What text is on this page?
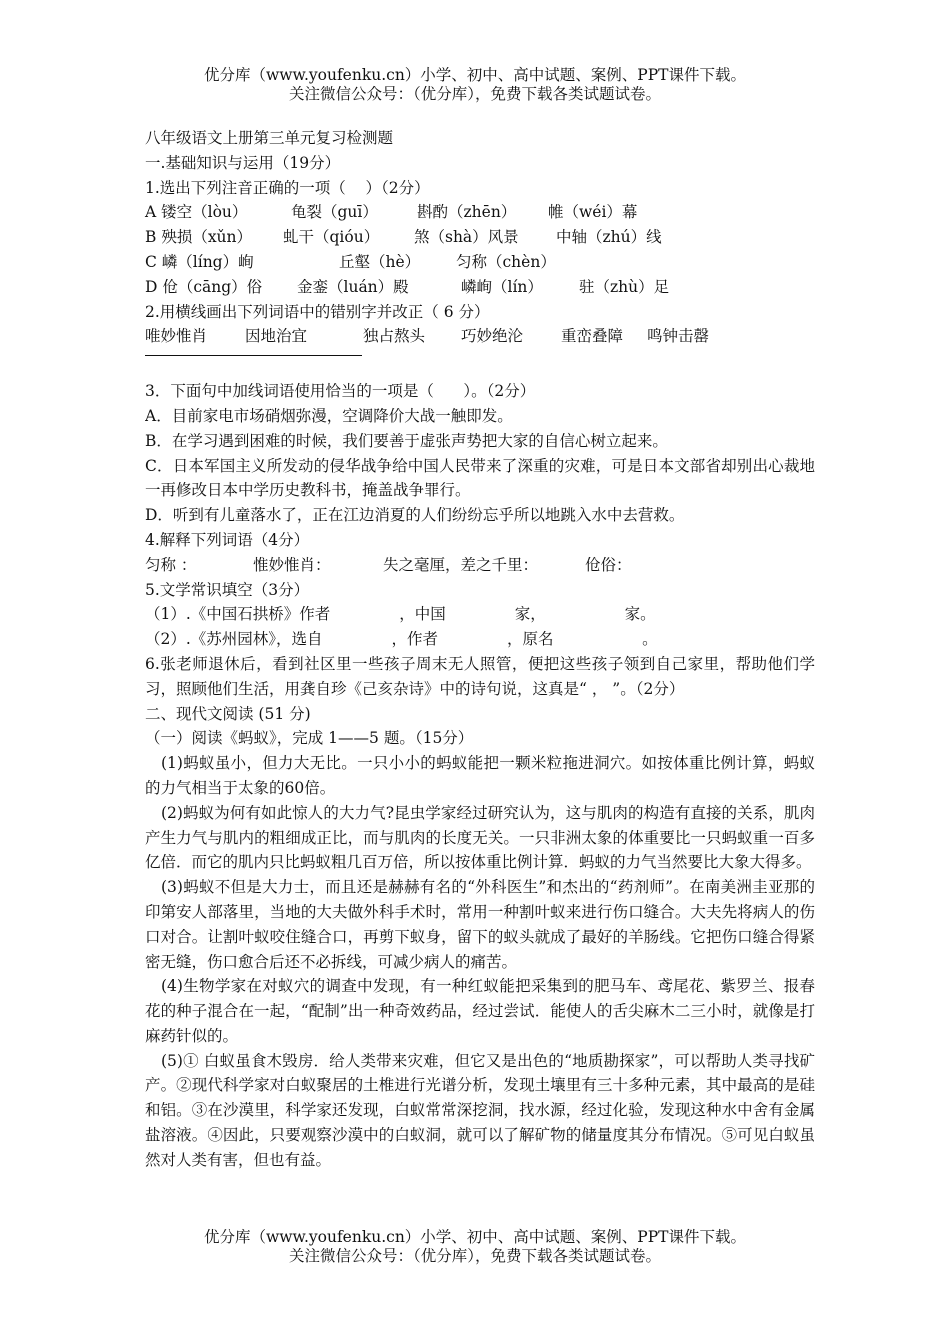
优分库（www.youfenku.cn）小学、初中、高中试题、案例、PPT课件下载。
关注微信公众号：（优分库），免费下载各类试题试卷。
八年级语文上册第三单元复习检测题
一.基础知识与运用（19分）
1.选出下列注音正确的一项（    ）（2分）
A 镂空（lòu）	龟裂（guī）	斟酌（zhēn）	帷（wéi）幕
B 殃损（xǔn）	虬干（qióu）	煞（shà）风景	中轴（zhú）线
C 嶙（líng）峋	丘壑（hè）	匀称（chèn）
D 伧（cāng）俗	金銮（luán）殿	嶙峋（lín）	驻（zhù）足
2.用横线画出下列词语中的错别字并改正（ 6 分）
唯妙惟肖	因地治宜	独占熬头	巧妙绝沦	重峦叠障	鸣钟击罄
3．下面句中加线词语使用恰当的一项是（      ）。（2分）
A．目前家电市场硝烟弥漫，空调降价大战一触即发。
B．在学习遇到困难的时候，我们要善于虚张声势把大家的自信心树立起来。
C．日本军国主义所发动的侵华战争给中国人民带来了深重的灾难，可是日本文部省却别出心裁地一再修改日本中学历史教科书，掩盖战争罪行。
D．听到有儿童落水了，正在江边消夏的人们纷纷忘乎所以地跳入水中去营救。
4.解释下列词语（4分）
匀称 ：	惟妙惟肖：	失之毫厘，差之千里：	伧俗：
5.文学常识填空（3分）
（1）.《中国石拱桥》作者              ，中国              家，                家。
（2）.《苏州园林》，选自              ，作者              ，原名                  。
6.张老师退休后，看到社区里一些孩子周末无人照管，便把这些孩子领到自己家里，帮助他们学习，照顾他们生活，用龚自珍《己亥杂诗》中的诗句说，这真是“ ， ”。（2分）
二、现代文阅读 (51 分)
（一）阅读《蚂蚁》，完成 1——5 题。（15分）
(1)蚂蚁虽小，但力大无比。一只小小的蚂蚁能把一颗米粒拖进洞穴。如按体重比例计算，蚂蚁的力气相当于太象的60倍。
(2)蚂蚁为何有如此惊人的大力气?昆虫学家经过研究认为，这与肌肉的构造有直接的关系，肌肉产生力气与肌内的粗细成正比，而与肌肉的长度无关。一只非洲太象的体重要比一只蚂蚁重一百多亿倍．而它的肌内只比蚂蚁粗几百万倍，所以按体重比例计算．蚂蚁的力气当然要比大象大得多。
(3)蚂蚁不但是大力士，而且还是赫赫有名的“外科医生”和杰出的“药剂师”。在南美洲圭亚那的印第安人部落里，当地的大夫做外科手术时，常用一种割叶蚁来进行伤口缝合。大夫先将病人的伤口对合。让割叶蚁咬住缝合口，再剪下蚁身，留下的蚁头就成了最好的羊肠线。它把伤口缝合得紧密无缝，伤口愈合后还不必拆线，可减少病人的痛苦。
(4)生物学家在对蚁穴的调查中发现，有一种红蚁能把采集到的肥马车、鸢尾花、紫罗兰、报春花的种子混合在一起，“配制”出一种奇效药品，经过尝试．能使人的舌尖麻木二三小时，就像是打麻药针似的。
(5)① 白蚁虽食木毁房．给人类带来灾难，但它又是出色的“地质勘探家”，可以帮助人类寻找矿产。②现代科学家对白蚁聚居的土椎进行光谱分析，发现土壤里有三十多种元素，其中最高的是硅和铝。③在沙漠里，科学家还发现，白蚁常常深挖洞，找水源，经过化验，发现这种水中舍有金属盐溶液。④因此，只要观察沙漠中的白蚁洞，就可以了解矿物的储量度其分布情况。⑤可见白蚁虽然对人类有害，但也有益。
优分库（www.youfenku.cn）小学、初中、高中试题、案例、PPT课件下载。
关注微信公众号：（优分库），免费下载各类试题试卷。
